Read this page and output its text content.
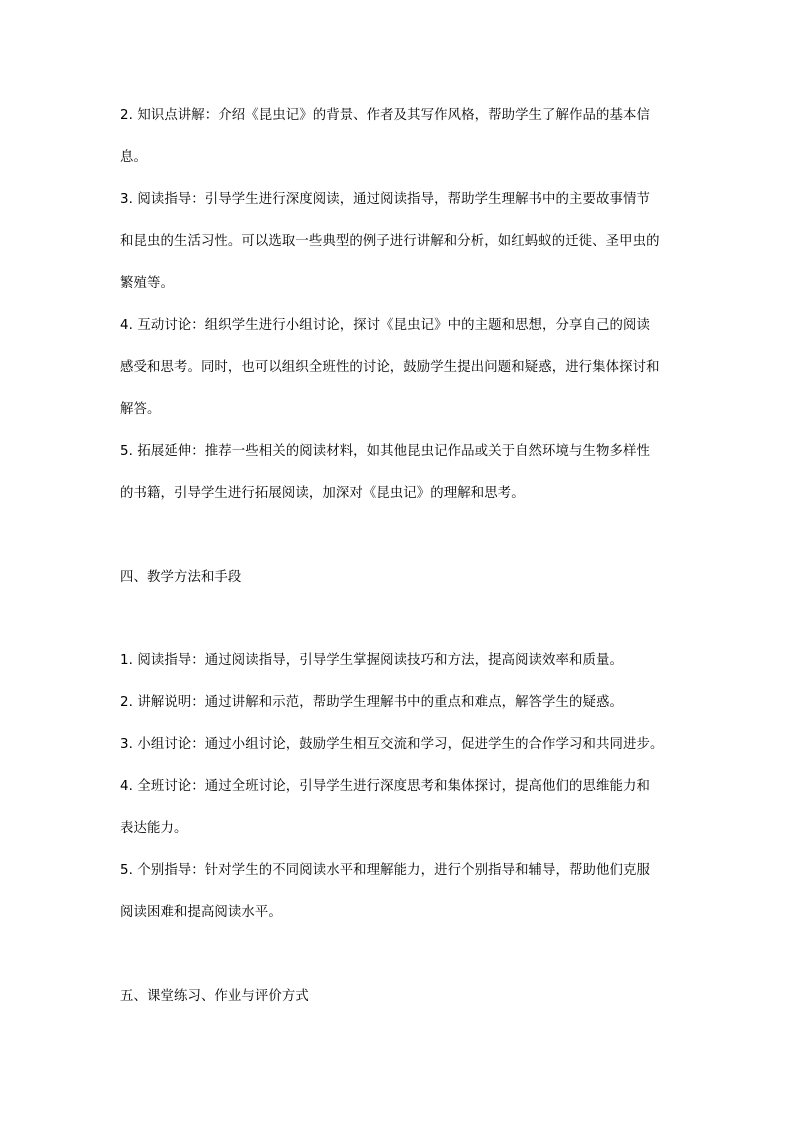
2. 知识点讲解：介绍《昆虫记》的背景、作者及其写作风格，帮助学生了解作品的基本信
息。
3. 阅读指导：引导学生进行深度阅读，通过阅读指导，帮助学生理解书中的主要故事情节
和昆虫的生活习性。可以选取一些典型的例子进行讲解和分析，如红蚂蚁的迁徙、圣甲虫的
繁殖等。
4. 互动讨论：组织学生进行小组讨论，探讨《昆虫记》中的主题和思想，分享自己的阅读
感受和思考。同时，也可以组织全班性的讨论，鼓励学生提出问题和疑惑，进行集体探讨和
解答。
5. 拓展延伸：推荐一些相关的阅读材料，如其他昆虫记作品或关于自然环境与生物多样性
的书籍，引导学生进行拓展阅读，加深对《昆虫记》的理解和思考。
四、教学方法和手段
1. 阅读指导：通过阅读指导，引导学生掌握阅读技巧和方法，提高阅读效率和质量。
2. 讲解说明：通过讲解和示范，帮助学生理解书中的重点和难点，解答学生的疑惑。
3. 小组讨论：通过小组讨论，鼓励学生相互交流和学习，促进学生的合作学习和共同进步。
4. 全班讨论：通过全班讨论，引导学生进行深度思考和集体探讨，提高他们的思维能力和
表达能力。
5. 个别指导：针对学生的不同阅读水平和理解能力，进行个别指导和辅导，帮助他们克服
阅读困难和提高阅读水平。
五、课堂练习、作业与评价方式
